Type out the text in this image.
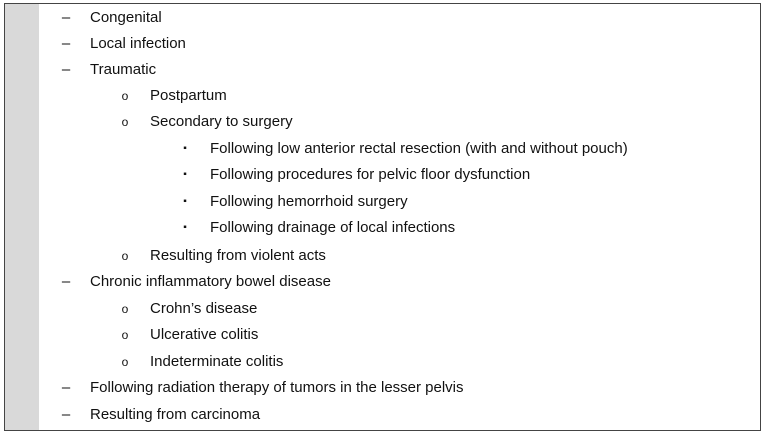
–	Congenital
–	Local infection
–	Traumatic
o	Postpartum
o	Secondary to surgery
▪	Following low anterior rectal resection (with and without pouch)
▪	Following procedures for pelvic floor dysfunction
▪	Following hemorrhoid surgery
▪	Following drainage of local infections
o	Resulting from violent acts
–	Chronic inflammatory bowel disease
o	Crohn’s disease
o	Ulcerative colitis
o	Indeterminate colitis
–	Following radiation therapy of tumors in the lesser pelvis
–	Resulting from carcinoma
